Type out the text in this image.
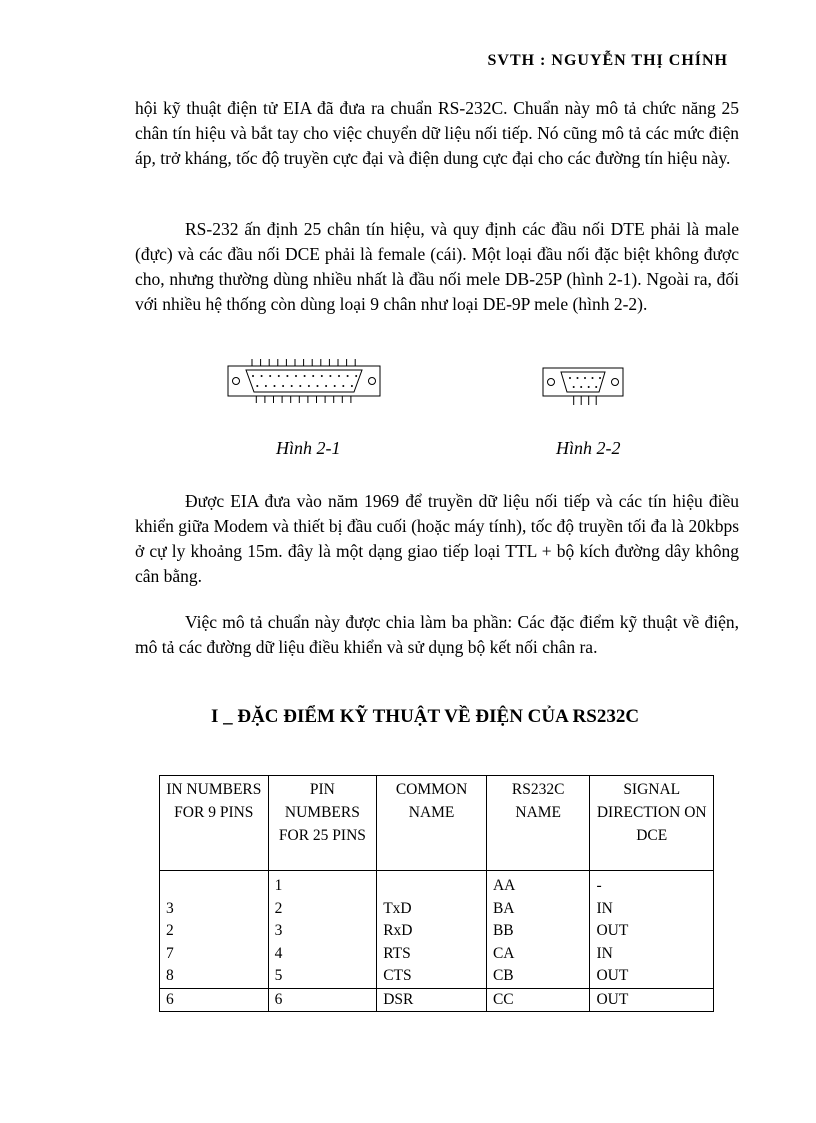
SVTH : NGUYỄN THỊ CHÍNH

hội kỹ thuật điện tử EIA đã đưa ra chuẩn RS-232C. Chuẩn này mô tả chức năng 25 chân tín hiệu và bắt tay cho việc chuyển dữ liệu nối tiếp. Nó cũng mô tả các mức điện áp, trở kháng, tốc độ truyền cực đại và điện dung cực đại cho các đường tín hiệu này.

RS-232 ấn định 25 chân tín hiệu, và quy định các đầu nối DTE phải là male (đực) và các đầu nối DCE phải là female (cái). Một loại đầu nối đặc biệt không được cho, nhưng thường dùng nhiều nhất là đầu nối mele DB-25P (hình 2-1). Ngoài ra, đối với nhiều hệ thống còn dùng loại 9 chân như loại DE-9P mele (hình 2-2).

Hình 2-1	Hình 2-2

Được EIA đưa vào năm 1969 để truyền dữ liệu nối tiếp và các tín hiệu điều khiển giữa Modem và thiết bị đầu cuối (hoặc máy tính), tốc độ truyền tối đa là 20kbps ở cự ly khoảng 15m. đây là một dạng giao tiếp loại TTL + bộ kích đường dây không cân bằng.

Việc mô tả chuẩn này được chia làm ba phần: Các đặc điểm kỹ thuật về điện, mô tả các đường dữ liệu điều khiển và sử dụng bộ kết nối chân ra.

I _ ĐẶC ĐIỂM KỸ THUẬT VỀ ĐIỆN CỦA RS232C
IN NUMBERS FOR 9 PINS	PIN NUMBERS FOR 25 PINS	COMMON NAME	RS232C NAME	SIGNAL DIRECTION ON DCE
	1		AA	-
3	2	TxD	BA	IN
2	3	RxD	BB	OUT
7	4	RTS	CA	IN
8	5	CTS	CB	OUT
6	6	DSR	CC	OUT
